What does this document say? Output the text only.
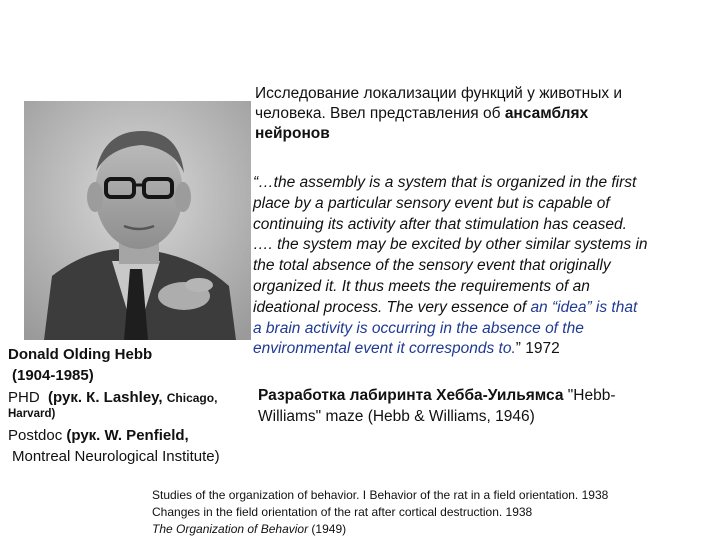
Исследование локализации функций у животных и
человека. Ввел представления об ансамблях
нейронов
“…the assembly is a system that is organized in the first
place by a particular sensory event but is capable of
continuing its activity after that stimulation has ceased.
…. the system may be excited by other similar systems in
the total absence of the sensory event that originally
organized it. It thus meets the requirements of an
ideational process. The very essence of an “idea” is that
a brain activity is occurring in the absence of the
environmental event it corresponds to.” 1972
Donald Olding Hebb
(1904-1985)
PHD (рук. К. Lashley, Chicago,
Harvard)
Postdoc (рук. W. Penfield,
Montreal Neurological Institute)
Разработка лабиринта Хебба-Уильямса "Hebb-
Williams" maze (Hebb & Williams, 1946)
Studies of the organization of behavior. I Behavior of the rat in a field orientation. 1938
Changes in the field orientation of the rat after cortical destruction. 1938
The Organization of Behavior (1949)
